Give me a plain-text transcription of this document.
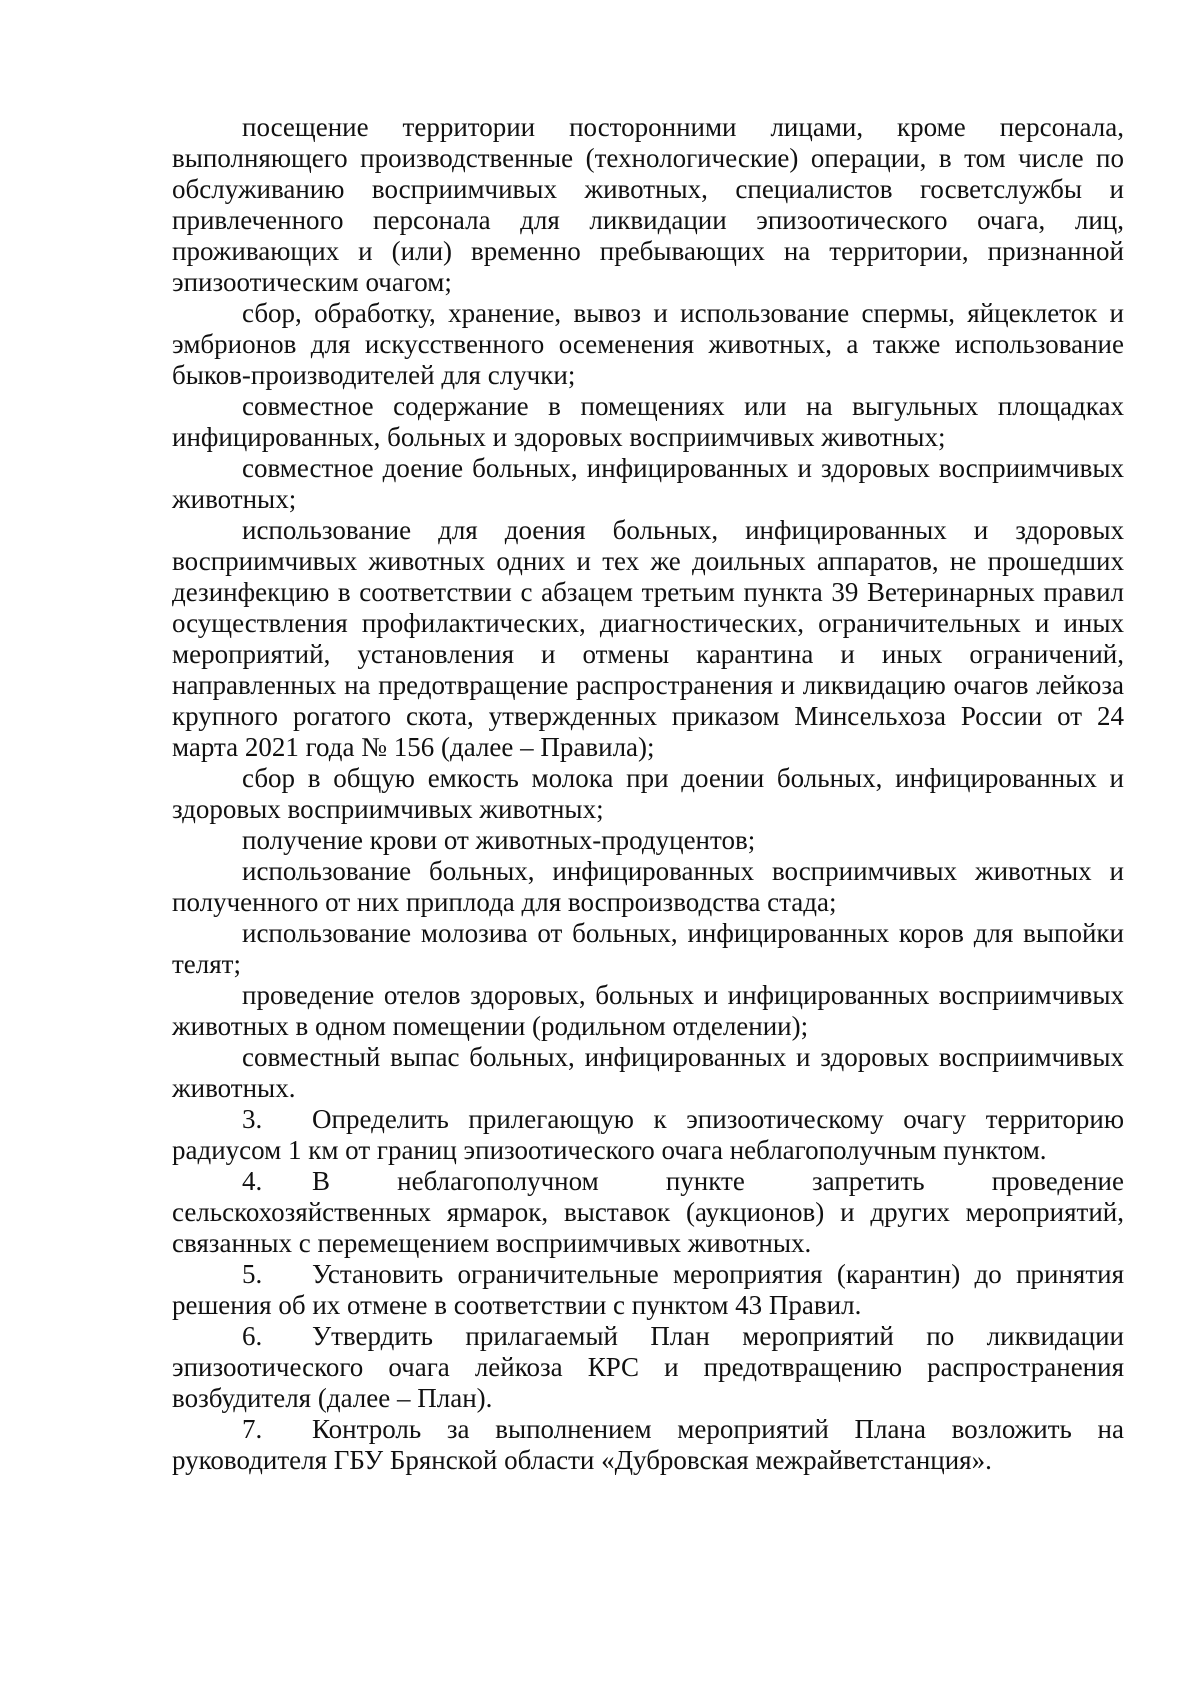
посещение территории посторонними лицами, кроме персонала, выполняющего производственные (технологические) операции, в том числе по обслуживанию восприимчивых животных, специалистов госветслужбы и привлеченного персонала для ликвидации эпизоотического очага, лиц, проживающих и (или) временно пребывающих на территории, признанной эпизоотическим очагом;

сбор, обработку, хранение, вывоз и использование спермы, яйцеклеток и эмбрионов для искусственного осеменения животных, а также использование быков-производителей для случки;

совместное содержание в помещениях или на выгульных площадках инфицированных, больных и здоровых восприимчивых животных;

совместное доение больных, инфицированных и здоровых восприимчивых животных;

использование для доения больных, инфицированных и здоровых восприимчивых животных одних и тех же доильных аппаратов, не прошедших дезинфекцию в соответствии с абзацем третьим пункта 39 Ветеринарных правил осуществления профилактических, диагностических, ограничительных и иных мероприятий, установления и отмены карантина и иных ограничений, направленных на предотвращение распространения и ликвидацию очагов лейкоза крупного рогатого скота, утвержденных приказом Минсельхоза России от 24 марта 2021 года № 156 (далее – Правила);

сбор в общую емкость молока при доении больных, инфицированных и здоровых восприимчивых животных;

получение крови от животных-продуцентов;

использование больных, инфицированных восприимчивых животных и полученного от них приплода для воспроизводства стада;

использование молозива от больных, инфицированных коров для выпойки телят;

проведение отелов здоровых, больных и инфицированных восприимчивых животных в одном помещении (родильном отделении);

совместный выпас больных, инфицированных и здоровых восприимчивых животных.

3. Определить прилегающую к эпизоотическому очагу территорию радиусом 1 км от границ эпизоотического очага неблагополучным пунктом.

4. В неблагополучном пункте запретить проведение сельскохозяйственных ярмарок, выставок (аукционов) и других мероприятий, связанных с перемещением восприимчивых животных.

5. Установить ограничительные мероприятия (карантин) до принятия решения об их отмене в соответствии с пунктом 43 Правил.

6. Утвердить прилагаемый План мероприятий по ликвидации эпизоотического очага лейкоза КРС и предотвращению распространения возбудителя (далее – План).

7. Контроль за выполнением мероприятий Плана возложить на руководителя ГБУ Брянской области «Дубровская межрайветстанция».
